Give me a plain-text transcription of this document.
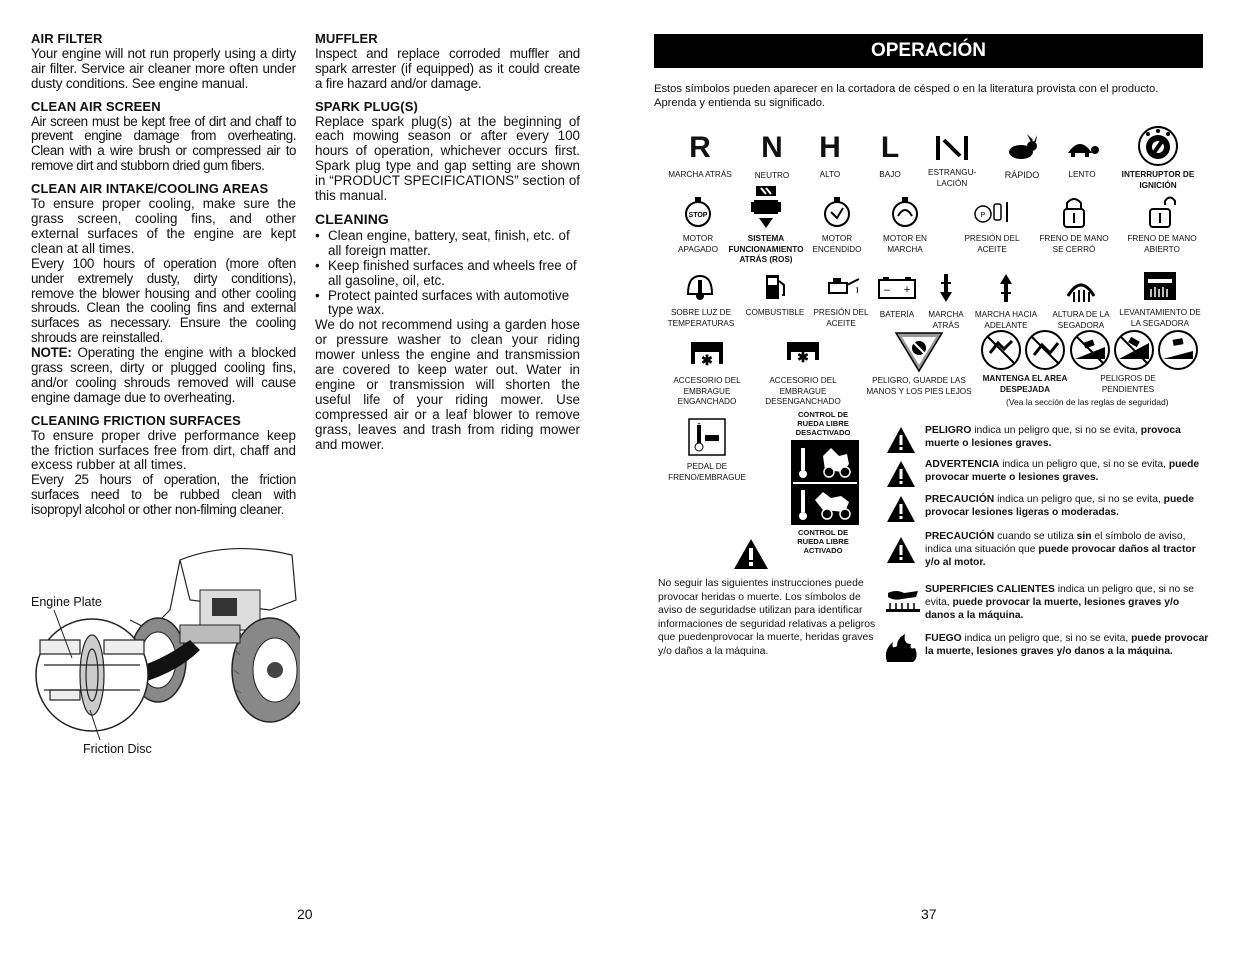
AIR FILTER

Your engine will not run properly using a dirty air filter. Service air cleaner more often under dusty conditions. See engine manual.

CLEAN AIR SCREEN

Air screen must be kept free of dirt and chaff to prevent engine damage from overheating. Clean with a wire brush or compressed air to remove dirt and stubborn dried gum fibers.

CLEAN AIR INTAKE/COOLING AREAS

To ensure proper cooling, make sure the grass screen, cooling fins, and other external surfaces of the engine are kept clean at all times.

Every 100 hours of operation (more often under extremely dusty, dirty conditions), remove the blower housing and other cooling shrouds. Clean the cooling fins and external surfaces as necessary. Ensure the cooling shrouds are reinstalled.

NOTE: Operating the engine with a blocked grass screen, dirty or plugged cooling fins, and/or cooling shrouds removed will cause engine damage due to overheating.

CLEANING FRICTION SURFACES

To ensure proper drive performance keep the friction surfaces free from dirt, chaff and excess rubber at all times.

Every 25 hours of operation, the friction surfaces need to be rubbed clean with isopropyl alcohol or other non-filming cleaner.

Engine Plate
Friction Disc
MUFFLER

Inspect and replace corroded muffler and spark arrester (if equipped) as it could create a fire hazard and/or damage.

SPARK PLUG(S)

Replace spark plug(s) at the beginning of each mowing season or after every 100 hours of operation, whichever occurs first. Spark plug type and gap setting are shown in “PRODUCT SPECIFICATIONS” section of this manual.

CLEANING
• Clean engine, battery, seat, finish, etc. of all foreign matter.
• Keep finished surfaces and wheels free of all gasoline, oil, etc.
• Protect painted surfaces with automotive type wax.

We do not recommend using a garden hose or pressure washer to clean your riding mower unless the engine and transmission are covered to keep water out. Water in engine or transmission will shorten the useful life of your riding mower. Use compressed air or a leaf blower to remove grass, leaves and trash from riding mower and mower.

20
OPERACIÓN
Estos símbolos pueden aparecer en la cortadora de césped o en la literatura provista con el producto. Aprenda y entienda su significado.
R
MARCHA ATRÁS
N
NEUTRO
H
ALTO
L
BAJO	ESTRANGU-LACIÓN
RÁPIDO	LENTO	INTERRUPTOR DE IGNICIÓN
STOP
MOTOR APAGADO
SISTEMA FUNCIONAMIENTO ATRÁS (ROS)
MOTOR ENCENDIDO
MOTOR EN MARCHA
P
PRESIÓN DEL ACEITE
FRENO DE MANO SE CERRÓ
FRENO DE MANO ABIERTO
SOBRE LUZ DE TEMPERATURAS
COMBUSTIBLE	PRESIÓN DEL ACEITE
– +
BATERÍA	MARCHA ATRÁS
MARCHA HACIA ADELANTE
ALTURA DE LA SEGADORA
LEVANTAMIENTO DE LA SEGADORA
✱
ACCESORIO DEL EMBRAGUE ENGANCHADO
✱
ACCESORIO DEL EMBRAGUE DESENGANCHADO
PELIGRO, GUARDE LAS MANOS Y LOS PIES LEJOS
MANTENGA EL AREA DESPEJADA
PELIGROS DE PENDIENTES
(Vea la sección de las reglas de seguridad)
+
PEDAL DE FRENO/EMBRAGUE
CONTROL DE RUEDA LIBRE DESACTIVADO
CONTROL DE RUEDA LIBRE ACTIVADO
No seguir las siguientes instrucciones puede provocar heridas o muerte. Los símbolos de aviso de seguridadse utilizan para identificar informaciones de seguridad relativas a peligros que puedenprovocar la muerte, heridas graves y/o daños a la máquina.
PELIGRO indica un peligro que, si no se evita, provoca muerte o lesiones graves.
ADVERTENCIA indica un peligro que, si no se evita, puede provocar muerte o lesiones graves.
PRECAUCIÓN indica un peligro que, si no se evita, puede provocar lesiones ligeras o moderadas.
PRECAUCIÓN cuando se utiliza sin el símbolo de aviso, indica una situación que puede provocar daños al tractor y/o al motor.
SUPERFICIES CALIENTES indica un peligro que, si no se evita, puede provocar la muerte, lesiones graves y/o danos a la máquina.
FUEGO indica un peligro que, si no se evita, puede provocar la muerte, lesiones graves y/o danos a la máquina.
37
